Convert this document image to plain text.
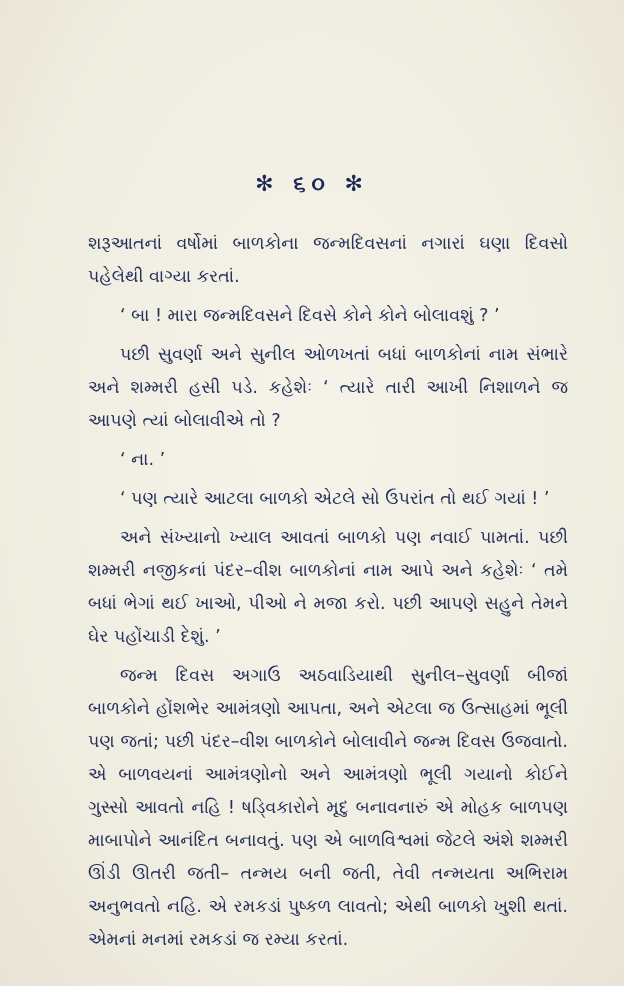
✻ ૬૦ ✻

શરૂઆતનાં વર્ષોમાં બાળકોના જન્મદિવસનાં નગારાં ઘણા દિવસો પહેલેથી વાગ્યા કરતાં.

‘ બા ! મારા જન્મદિવસને દિવસે કોને કોને બોલાવશું ? ’

પછી સુવર્ણા અને સુનીલ ઓળખતાં બધાં બાળકોનાં નામ સંભારે અને શમ્મરી હસી પડે. કહેશેઃ ‘ ત્યારે તારી આખી નિશાળને જ આપણે ત્યાં બોલાવીએ તો ?

‘ ના. ’

‘ પણ ત્યારે આટલા બાળકો એટલે સો ઉપરાંત તો થઈ ગયાં ! ’

અને સંખ્યાનો ખ્યાલ આવતાં બાળકો પણ નવાઈ પામતાં. પછી શમ્મરી નજીકનાં પંદર–વીશ બાળકોનાં નામ આપે અને કહેશેઃ ‘ તમે બધાં ભેગાં થઈ ખાઓ, પીઓ ને મજા કરો. પછી આપણે સહુને તેમને ઘેર પહોંચાડી દેશું. ’

જન્મ દિવસ અગાઉ અઠવાડિયાથી સુનીલ–સુવર્ણા બીજાં બાળકોને હોંશભેર આમંત્રણો આપતા, અને એટલા જ ઉત્સાહમાં ભૂલી પણ જતાં; પછી પંદર–વીશ બાળકોને બોલાવીને જન્મ દિવસ ઉજવાતો. એ બાળવયનાં આમંત્રણોનો અને આમંત્રણો ભૂલી ગયાનો કોઈને ગુસ્સો આવતો નહિ ! ષડ્વિકારોને મૃદુ બનાવનારું એ મોહક બાળપણ માબાપોને આનંદિત બનાવતું. પણ એ બાળવિશ્વમાં જેટલે અંશે શમ્મરી ઊંડી ઊતરી જતી– તન્મય બની જતી, તેવી તન્મયતા અભિરામ અનુભવતો નહિ. એ રમકડાં પુષ્કળ લાવતો; એથી બાળકો ખુશી થતાં. એમનાં મનમાં રમકડાં જ રમ્યા કરતાં.
